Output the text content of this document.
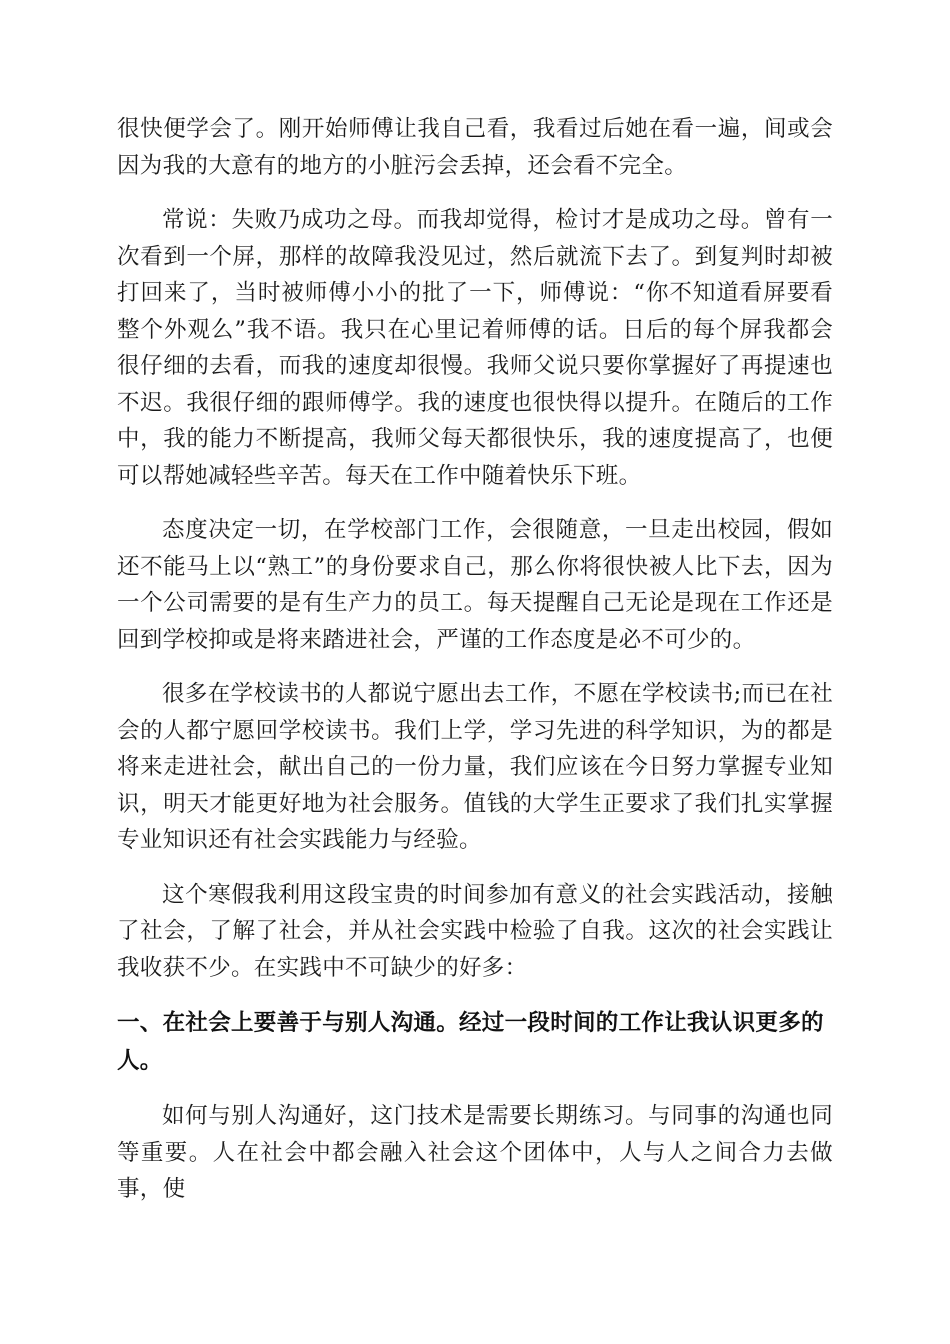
很快便学会了。刚开始师傅让我自己看，我看过后她在看一遍，间或会因为我的大意有的地方的小脏污会丢掉，还会看不完全。

常说：失败乃成功之母。而我却觉得，检讨才是成功之母。曾有一次看到一个屏，那样的故障我没见过，然后就流下去了。到复判时却被打回来了，当时被师傅小小的批了一下，师傅说：“你不知道看屏要看整个外观么”我不语。我只在心里记着师傅的话。日后的每个屏我都会很仔细的去看，而我的速度却很慢。我师父说只要你掌握好了再提速也不迟。我很仔细的跟师傅学。我的速度也很快得以提升。在随后的工作中，我的能力不断提高，我师父每天都很快乐，我的速度提高了，也便可以帮她减轻些辛苦。每天在工作中随着快乐下班。

态度决定一切，在学校部门工作，会很随意，一旦走出校园，假如还不能马上以“熟工”的身份要求自己，那么你将很快被人比下去，因为一个公司需要的是有生产力的员工。每天提醒自己无论是现在工作还是回到学校抑或是将来踏进社会，严谨的工作态度是必不可少的。

很多在学校读书的人都说宁愿出去工作，不愿在学校读书;而已在社会的人都宁愿回学校读书。我们上学，学习先进的科学知识，为的都是将来走进社会，献出自己的一份力量，我们应该在今日努力掌握专业知识，明天才能更好地为社会服务。值钱的大学生正要求了我们扎实掌握专业知识还有社会实践能力与经验。

这个寒假我利用这段宝贵的时间参加有意义的社会实践活动，接触了社会，了解了社会，并从社会实践中检验了自我。这次的社会实践让我收获不少。在实践中不可缺少的好多：

一、在社会上要善于与别人沟通。经过一段时间的工作让我认识更多的人。

如何与别人沟通好，这门技术是需要长期练习。与同事的沟通也同等重要。人在社会中都会融入社会这个团体中，人与人之间合力去做事，使
